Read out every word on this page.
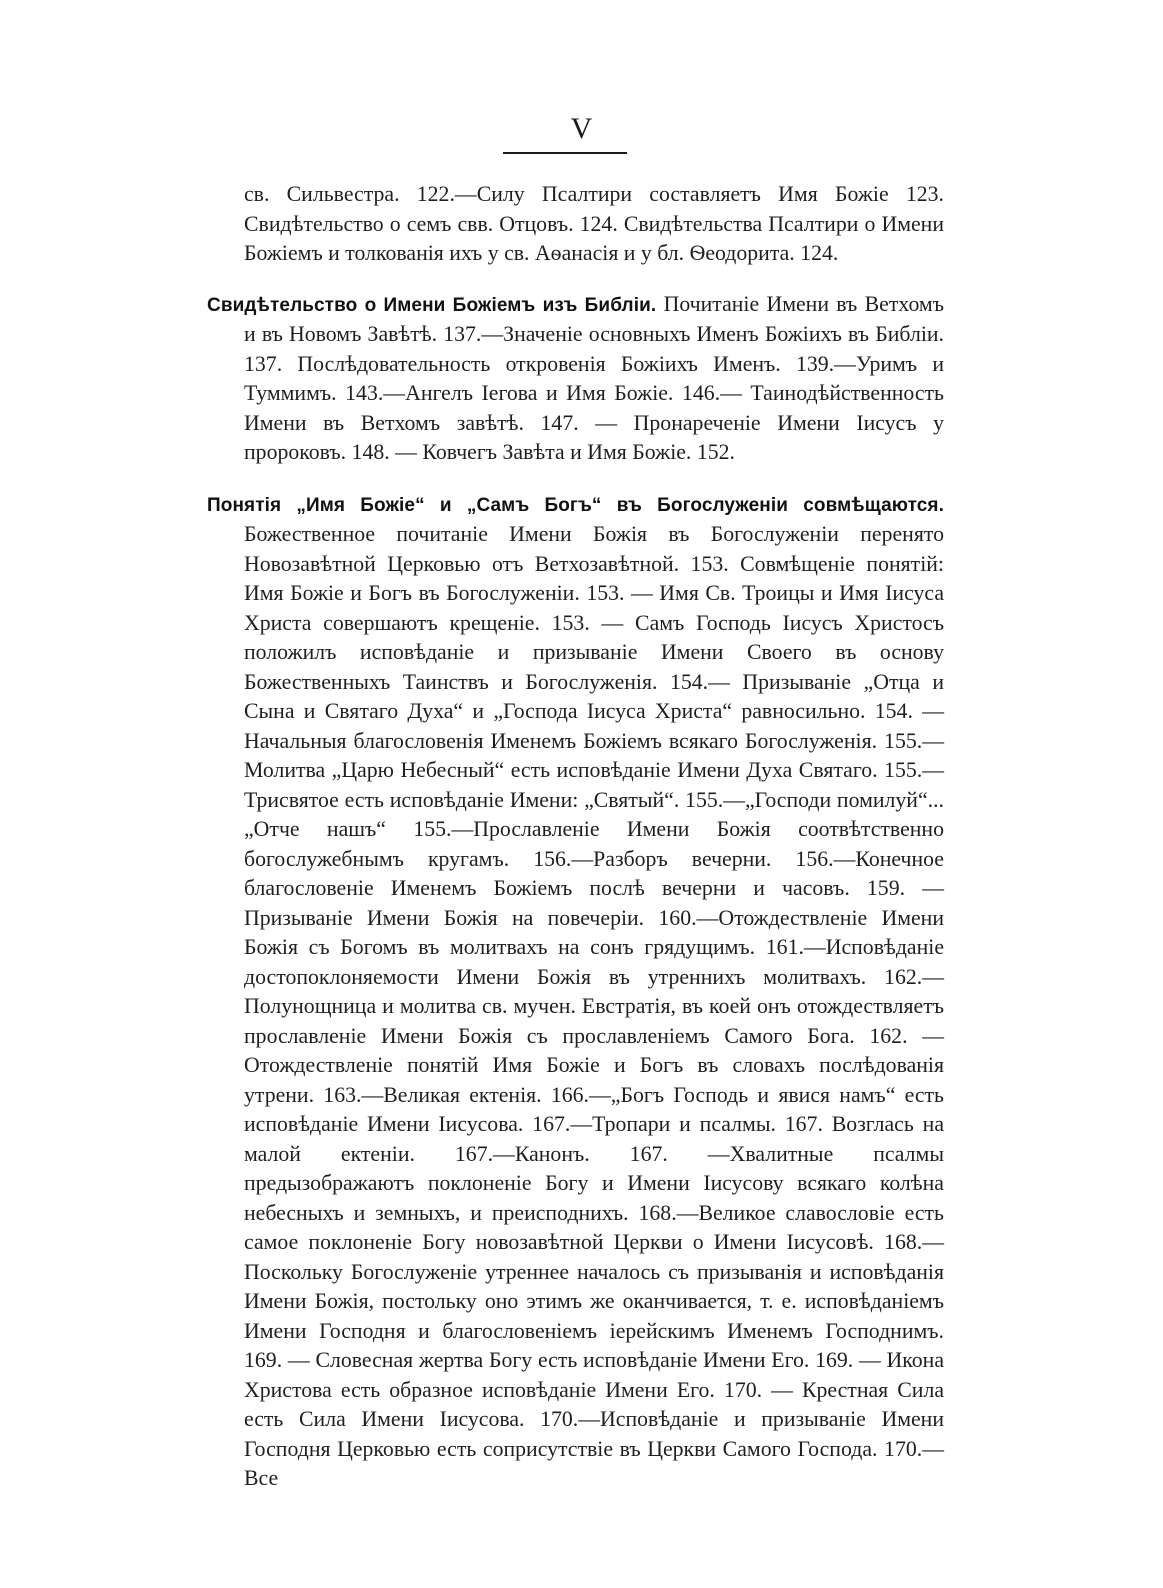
V

св. Сильвестра. 122.—Силу Псалтири составляетъ Имя Божіе 123. Свидѣтельство о семъ свв. Отцовъ. 124. Свидѣтельства Псалтири о Имени Божіемъ и толкованія ихъ у св. Аѳанасія и у бл. Ѳеодорита. 124.

Свидѣтельство о Имени Божіемъ изъ Библіи. Почитаніе Имени въ Ветхомъ и въ Новомъ Завѣтѣ. 137.—Значеніе основныхъ Именъ Божіихъ въ Библіи. 137. Послѣдовательность откровенія Божіихъ Именъ. 139.—Уримъ и Туммимъ. 143.—Ангелъ Іегова и Имя Божіе. 146.— Таинодѣйственность Имени въ Ветхомъ завѣтѣ. 147. — Пронареченіе Имени Іисусъ у пророковъ. 148. — Ковчегъ Завѣта и Имя Божіе. 152.

Понятія „Имя Божіе“ и „Самъ Богъ“ въ Богослуженіи совмѣщаются. Божественное почитаніе Имени Божія въ Богослуженіи перенято Новозавѣтной Церковью отъ Ветхозавѣтной. 153. Совмѣщеніе понятій: Имя Божіе и Богъ въ Богослуженіи. 153. — Имя Св. Троицы и Имя Іисуса Христа совершаютъ крещеніе. 153. — Самъ Господь Іисусъ Христосъ положилъ исповѣданіе и призываніе Имени Своего въ основу Божественныхъ Таинствъ и Богослуженія. 154.— Призываніе „Отца и Сына и Святаго Духа“ и „Господа Іисуса Христа“ равносильно. 154. — Начальныя благословенія Именемъ Божіемъ всякаго Богослуженія. 155.—Молитва „Царю Небесный“ есть исповѣданіе Имени Духа Святаго. 155.—Трисвятое есть исповѣданіе Имени: „Святый“. 155.—„Господи помилуй“... „Отче нашъ“ 155.—Прославленіе Имени Божія соотвѣтственно богослужебнымъ кругамъ. 156.—Разборъ вечерни. 156.—Конечное благословеніе Именемъ Божіемъ послѣ вечерни и часовъ. 159. — Призываніе Имени Божія на повечеріи. 160.—Отождествленіе Имени Божія съ Богомъ въ молитвахъ на сонъ грядущимъ. 161.—Исповѣданіе достопоклоняемости Имени Божія въ утреннихъ молитвахъ. 162.—Полунощница и молитва св. мучен. Евстратія, въ коей онъ отождествляетъ прославленіе Имени Божія съ прославленіемъ Самого Бога. 162. — Отождествленіе понятій Имя Божіе и Богъ въ словахъ послѣдованія утрени. 163.—Великая ектенія. 166.—„Богъ Господь и явися намъ“ есть исповѣданіе Имени Іисусова. 167.—Тропари и псалмы. 167. Возглась на малой ектеніи. 167.—Канонъ. 167. —Хвалитные псалмы предызображаютъ поклоненіе Богу и Имени Іисусову всякаго колѣна небесныхъ и земныхъ, и преисподнихъ. 168.—Великое славословіе есть самое поклоненіе Богу новозавѣтной Церкви о Имени Іисусовѣ. 168.— Поскольку Богослуженіе утреннее началось съ призыванія и исповѣданія Имени Божія, постольку оно этимъ же оканчивается, т. е. исповѣданіемъ Имени Господня и благословеніемъ іерейскимъ Именемъ Господнимъ. 169. — Словесная жертва Богу есть исповѣданіе Имени Его. 169. — Икона Христова есть образное исповѣданіе Имени Его. 170. — Крестная Сила есть Сила Имени Іисусова. 170.—Исповѣданіе и призываніе Имени Господня Церковью есть соприсутствіе въ Церкви Самого Господа. 170.—Все
